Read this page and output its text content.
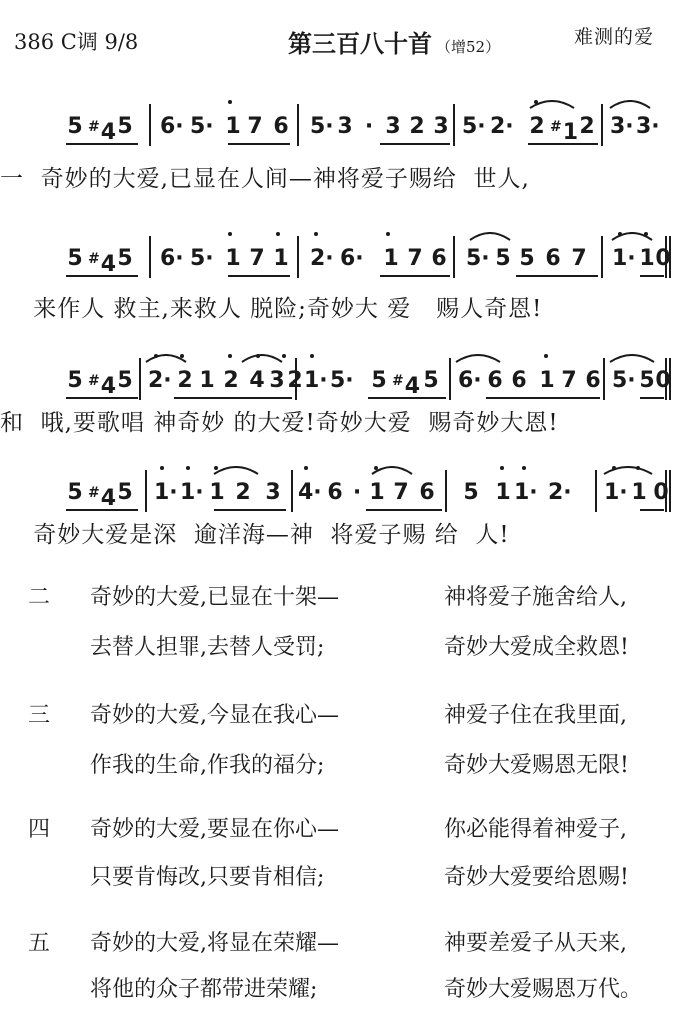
386 C调 9/8	第三百八十首 （增52）	难测的爱
5 #4 5 6· 5· 1 7 6 5· 3 · 3 2 3 5· 2· 2 #1 2 3· 3·
一  奇妙的大爱,已显在人间—神将爱子赐给  世人,
5 #4 5 6· 5· 1 7 1 2· 6· 1 7 6 5· 5 5 6 7 1· 1 0
来作人 救主,来救人 脱险;奇妙大 爱   赐人奇恩!
5 #4 5 2· 2 1 2 4 3 2 1· 5· 5 #4 5 6· 6 6 1 7 6 5· 5 0
和  哦,要歌唱 神奇妙 的大爱!奇妙大爱  赐奇妙大恩!
5 #4 5 1· 1· 1 2 3 4· 6 · 1 7 6 5 1 1· 2· 1· 1 0
奇妙大爱是深  逾洋海—神  将爱子赐 给  人!
二 奇妙的大爱,已显在十架—	神将爱子施舍给人,
去替人担罪,去替人受罚;	奇妙大爱成全救恩!
三 奇妙的大爱,今显在我心—	神爱子住在我里面,
作我的生命,作我的福分;	奇妙大爱赐恩无限!
四 奇妙的大爱,要显在你心—	你必能得着神爱子,
只要肯悔改,只要肯相信;	奇妙大爱要给恩赐!
五 奇妙的大爱,将显在荣耀—	神要差爱子从天来,
将他的众子都带进荣耀;	奇妙大爱赐恩万代。
